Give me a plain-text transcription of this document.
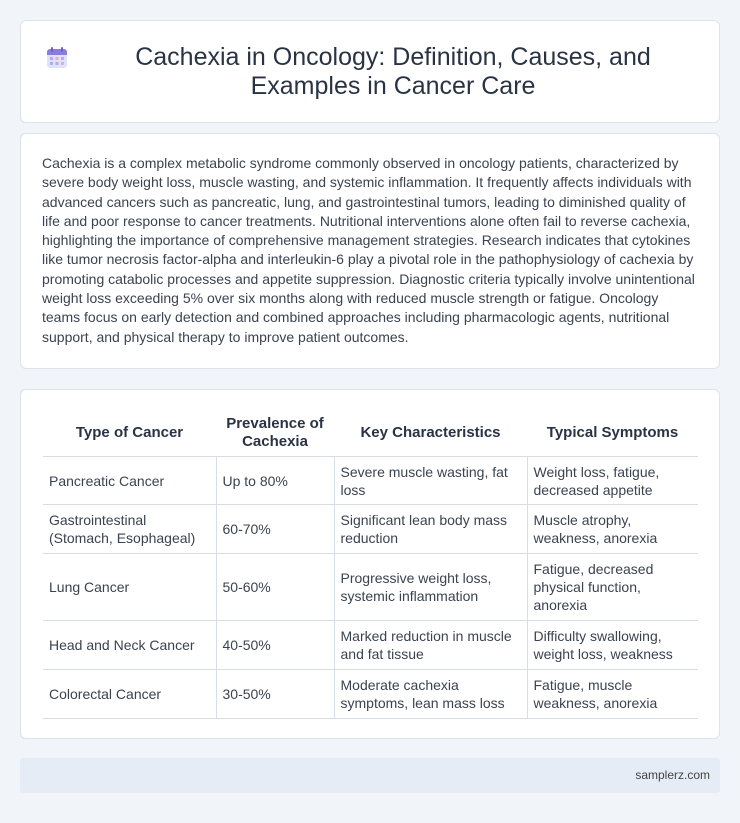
Cachexia in Oncology: Definition, Causes, and Examples in Cancer Care

Cachexia is a complex metabolic syndrome commonly observed in oncology patients, characterized by severe body weight loss, muscle wasting, and systemic inflammation. It frequently affects individuals with advanced cancers such as pancreatic, lung, and gastrointestinal tumors, leading to diminished quality of life and poor response to cancer treatments. Nutritional interventions alone often fail to reverse cachexia, highlighting the importance of comprehensive management strategies. Research indicates that cytokines like tumor necrosis factor-alpha and interleukin-6 play a pivotal role in the pathophysiology of cachexia by promoting catabolic processes and appetite suppression. Diagnostic criteria typically involve unintentional weight loss exceeding 5% over six months along with reduced muscle strength or fatigue. Oncology teams focus on early detection and combined approaches including pharmacologic agents, nutritional support, and physical therapy to improve patient outcomes.

Type of Cancer	Prevalence of Cachexia	Key Characteristics	Typical Symptoms
Pancreatic Cancer	Up to 80%	Severe muscle wasting, fat loss	Weight loss, fatigue, decreased appetite
Gastrointestinal (Stomach, Esophageal)	60-70%	Significant lean body mass reduction	Muscle atrophy, weakness, anorexia
Lung Cancer	50-60%	Progressive weight loss, systemic inflammation	Fatigue, decreased physical function, anorexia
Head and Neck Cancer	40-50%	Marked reduction in muscle and fat tissue	Difficulty swallowing, weight loss, weakness
Colorectal Cancer	30-50%	Moderate cachexia symptoms, lean mass loss	Fatigue, muscle weakness, anorexia
samplerz.com
